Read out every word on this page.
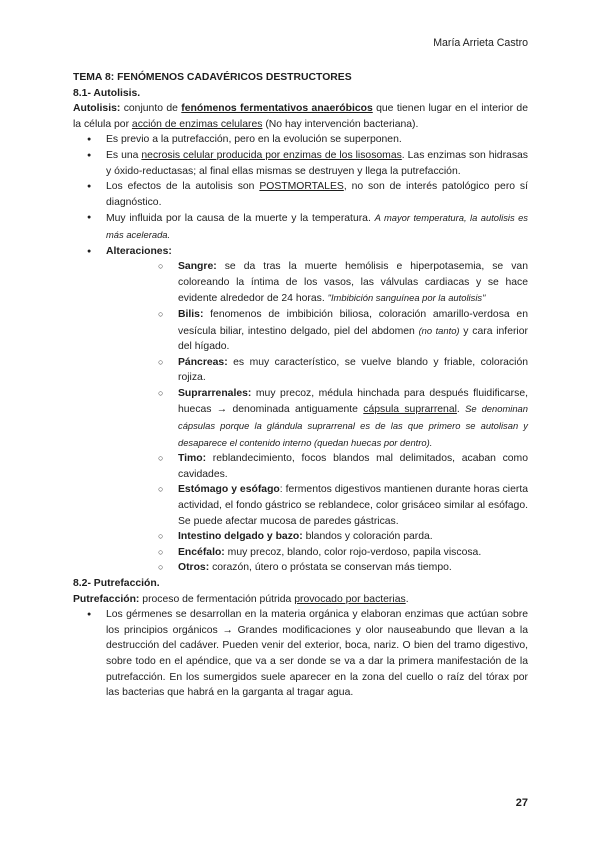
María Arrieta Castro

TEMA 8: FENÓMENOS CADAVÉRICOS DESTRUCTORES

8.1- Autolisis.

Autolisis: conjunto de fenómenos fermentativos anaeróbicos que tienen lugar en el interior de la célula por acción de enzimas celulares (No hay intervención bacteriana).

● Es previo a la putrefacción, pero en la evolución se superponen.
● Es una necrosis celular producida por enzimas de los lisosomas. Las enzimas son hidrasas y óxido-reductasas; al final ellas mismas se destruyen y llega la putrefacción.
● Los efectos de la autolisis son POSTMORTALES, no son de interés patológico pero sí diagnóstico.
● Muy influida por la causa de la muerte y la temperatura. A mayor temperatura, la autolisis es más acelerada.
● Alteraciones:
○ Sangre: se da tras la muerte hemólisis e hiperpotasemia, se van coloreando la íntima de los vasos, las válvulas cardiacas y se hace evidente alrededor de 24 horas. "Imbibición sanguínea por la autolisis"
○ Bilis: fenomenos de imbibición biliosa, coloración amarillo-verdosa en vesícula biliar, intestino delgado, piel del abdomen (no tanto) y cara inferior del hígado.
○ Páncreas: es muy característico, se vuelve blando y friable, coloración rojiza.
○ Suprarrenales: muy precoz, médula hinchada para después fluidificarse, huecas → denominada antiguamente cápsula suprarrenal. Se denominan cápsulas porque la glándula suprarrenal es de las que primero se autolisan y desaparece el contenido interno (quedan huecas por dentro).
○ Timo: reblandecimiento, focos blandos mal delimitados, acaban como cavidades.
○ Estómago y esófago: fermentos digestivos mantienen durante horas cierta actividad, el fondo gástrico se reblandece, color grisáceo similar al esófago. Se puede afectar mucosa de paredes gástricas.
○ Intestino delgado y bazo: blandos y coloración parda.
○ Encéfalo: muy precoz, blando, color rojo-verdoso, papila viscosa.
○ Otros: corazón, útero o próstata se conservan más tiempo.

8.2- Putrefacción.

Putrefacción: proceso de fermentación pútrida provocado por bacterias.

● Los gérmenes se desarrollan en la materia orgánica y elaboran enzimas que actúan sobre los principios orgánicos → Grandes modificaciones y olor nauseabundo que llevan a la destrucción del cadáver. Pueden venir del exterior, boca, nariz. O bien del tramo digestivo, sobre todo en el apéndice, que va a ser donde se va a dar la primera manifestación de la putrefacción. En los sumergidos suele aparecer en la zona del cuello o raíz del tórax por las bacterias que habrá en la garganta al tragar agua.
27
